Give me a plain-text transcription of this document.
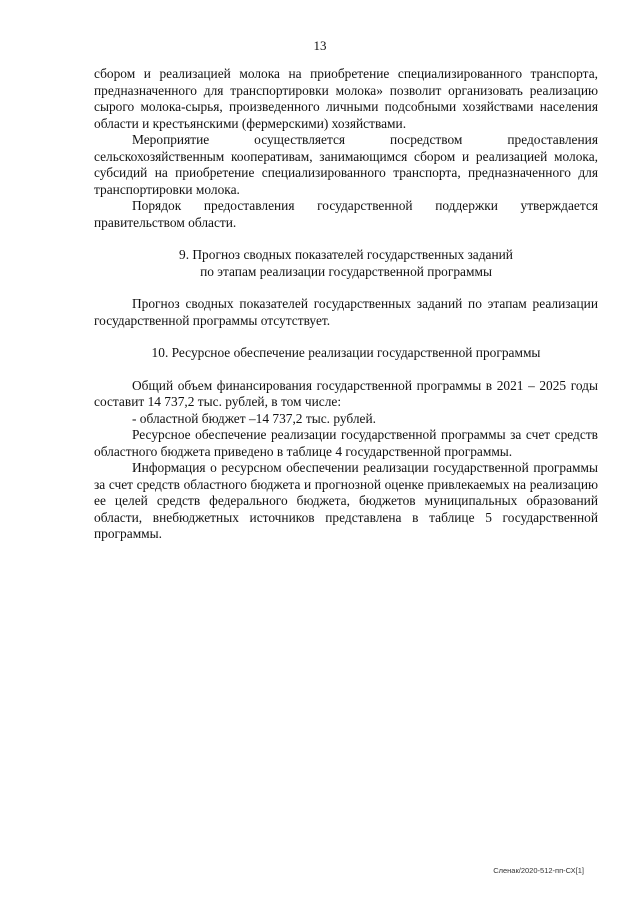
13

сбором и реализацией молока на приобретение специализированного транспорта, предназначенного для транспортировки молока» позволит организовать реализацию сырого молока-сырья, произведенного личными подсобными хозяйствами населения области и крестьянскими (фермерскими) хозяйствами.

Мероприятие осуществляется посредством предоставления сельскохозяйственным кооперативам, занимающимся сбором и реализацией молока, субсидий на приобретение специализированного транспорта, предназначенного для транспортировки молока.

Порядок предоставления государственной поддержки утверждается правительством области.

9. Прогноз сводных показателей государственных заданий

по этапам реализации государственной программы

Прогноз сводных показателей государственных заданий по этапам реализации государственной программы отсутствует.

10. Ресурсное обеспечение реализации государственной программы

Общий объем финансирования государственной программы в 2021 – 2025 годы составит 14 737,2 тыс. рублей, в том числе:

- областной бюджет –14 737,2 тыс. рублей.

Ресурсное обеспечение реализации государственной программы за счет средств областного бюджета приведено в таблице 4 государственной программы.

Информация о ресурсном обеспечении реализации государственной программы за счет средств областного бюджета и прогнозной оценке привлекаемых на реализацию ее целей средств федерального бюджета, бюджетов муниципальных образований области, внебюджетных источников представлена в таблице 5 государственной программы.

Сленак/2020-512-пп-СХ[1]
